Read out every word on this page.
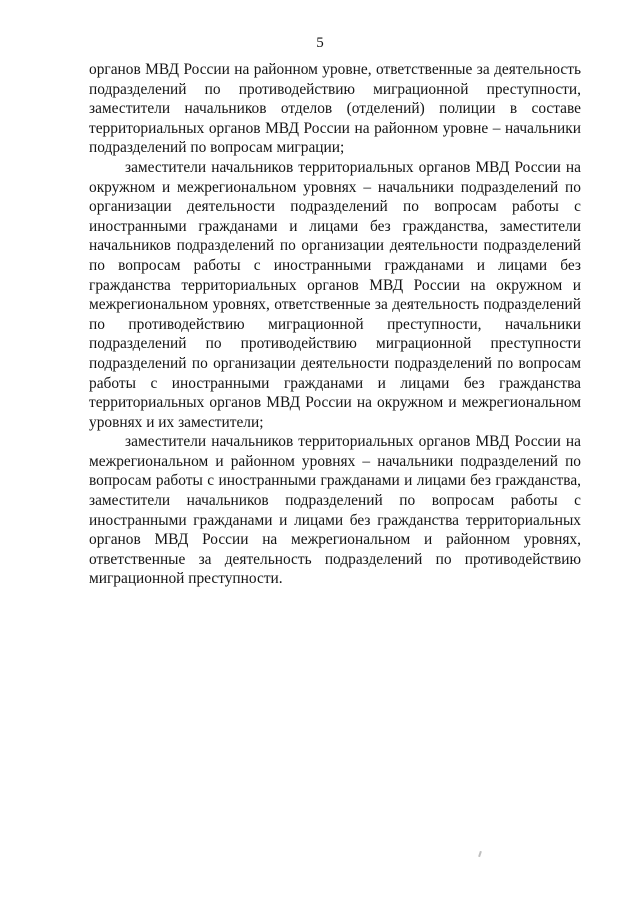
5

органов МВД России на районном уровне, ответственные за деятельность подразделений по противодействию миграционной преступности, заместители начальников отделов (отделений) полиции в составе территориальных органов МВД России на районном уровне – начальники подразделений по вопросам миграции;

заместители начальников территориальных органов МВД России на окружном и межрегиональном уровнях – начальники подразделений по организации деятельности подразделений по вопросам работы с иностранными гражданами и лицами без гражданства, заместители начальников подразделений по организации деятельности подразделений по вопросам работы с иностранными гражданами и лицами без гражданства территориальных органов МВД России на окружном и межрегиональном уровнях, ответственные за деятельность подразделений по противодействию миграционной преступности, начальники подразделений по противодействию миграционной преступности подразделений по организации деятельности подразделений по вопросам работы с иностранными гражданами и лицами без гражданства территориальных органов МВД России на окружном и межрегиональном уровнях и их заместители;

заместители начальников территориальных органов МВД России на межрегиональном и районном уровнях – начальники подразделений по вопросам работы с иностранными гражданами и лицами без гражданства, заместители начальников подразделений по вопросам работы с иностранными гражданами и лицами без гражданства территориальных органов МВД России на межрегиональном и районном уровнях, ответственные за деятельность подразделений по противодействию миграционной преступности.
